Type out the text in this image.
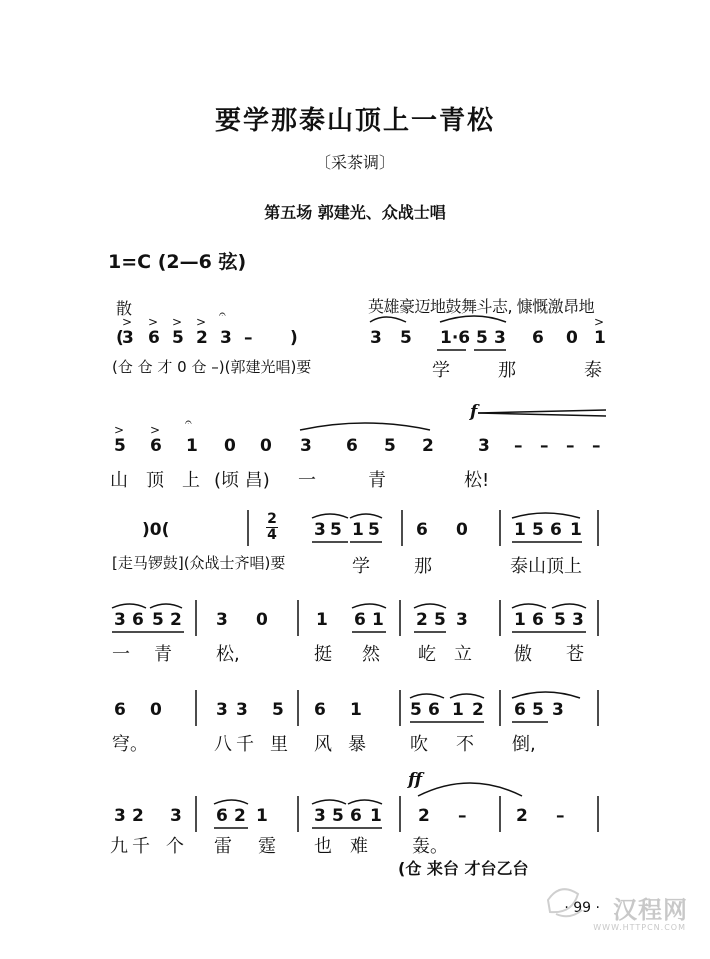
要学那泰山顶上一青松
〔采茶调〕
第五场 郭建光、众战士唱
1=C (2—6 弦)
散	英雄豪迈地鼓舞斗志, 慷慨激昂地
(
3 6 5 2 3 – )	3 5 1·6 5 3 6 0 1
(仓 仓 才 0 仓 –)(郭建光唱)要	学	那	泰
5 6 1 0 0 3 6 5 2	3 – – – –
山 顶 上 (顷 昌) 一	青	松!
)0(	3 5 1 5 6 0	1 5 6 1
[走马锣鼓](众战士齐唱)要	学 那	泰山顶上
3 6 5 2 3 0	1 6 1 2 5 3	1 6 5 3
一 青 松,	挺 然 屹 立 傲 苍
6 0	3 3 5 6 1	5 6 1 2 6 5 3
穹。	八 千 里 风 暴 吹 不 倒,
3 2 3 6 2 1	3 5 6 1 2 –	2 –
九 千 个 雷 霆 也 难 轰。
2
4
f
ff
(仓 来台 才台乙台
· 99 · 汉程网
WWW.HTTPCN.COM
> > > >
𝄐
>
> >
𝄐
